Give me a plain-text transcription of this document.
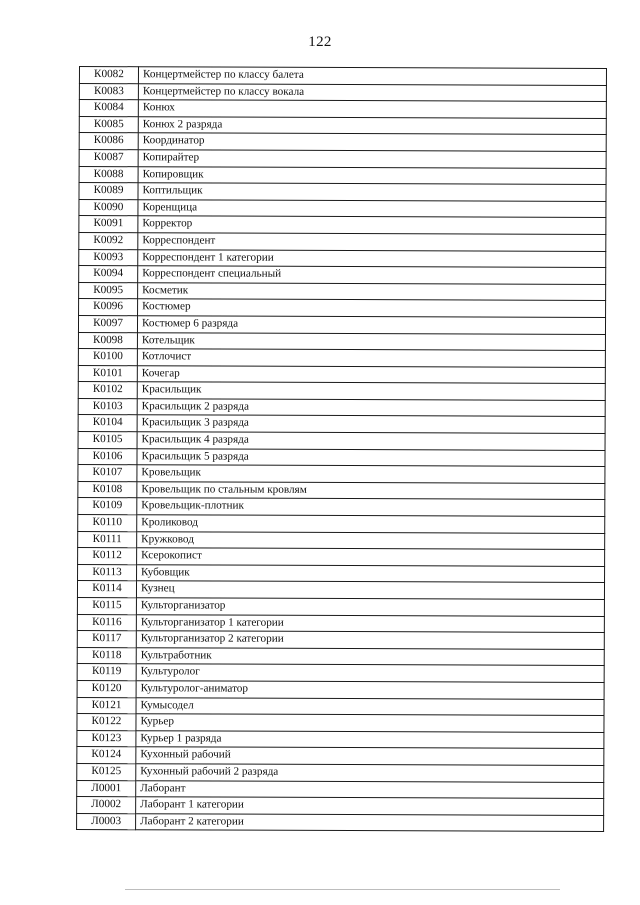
122
К0082	Концертмейстер по классу балета
К0083	Концертмейстер по классу вокала
К0084	Конюх
К0085	Конюх 2 разряда
К0086	Координатор
К0087	Копирайтер
К0088	Копировщик
К0089	Коптильщик
К0090	Коренщица
К0091	Корректор
К0092	Корреспондент
К0093	Корреспондент 1 категории
К0094	Корреспондент специальный
К0095	Косметик
К0096	Костюмер
К0097	Костюмер 6 разряда
К0098	Котельщик
К0100	Котлочист
К0101	Кочегар
К0102	Красильщик
К0103	Красильщик 2 разряда
К0104	Красильщик 3 разряда
К0105	Красильщик 4 разряда
К0106	Красильщик 5 разряда
К0107	Кровельщик
К0108	Кровельщик по стальным кровлям
К0109	Кровельщик-плотник
К0110	Кроликовод
К0111	Кружковод
К0112	Ксерокопист
К0113	Кубовщик
К0114	Кузнец
К0115	Культорганизатор
К0116	Культорганизатор 1 категории
К0117	Культорганизатор 2 категории
К0118	Культработник
К0119	Культуролог
К0120	Культуролог-аниматор
К0121	Кумысодел
К0122	Курьер
К0123	Курьер 1 разряда
К0124	Кухонный рабочий
К0125	Кухонный рабочий 2 разряда
Л0001	Лаборант
Л0002	Лаборант 1 категории
Л0003	Лаборант 2 категории
